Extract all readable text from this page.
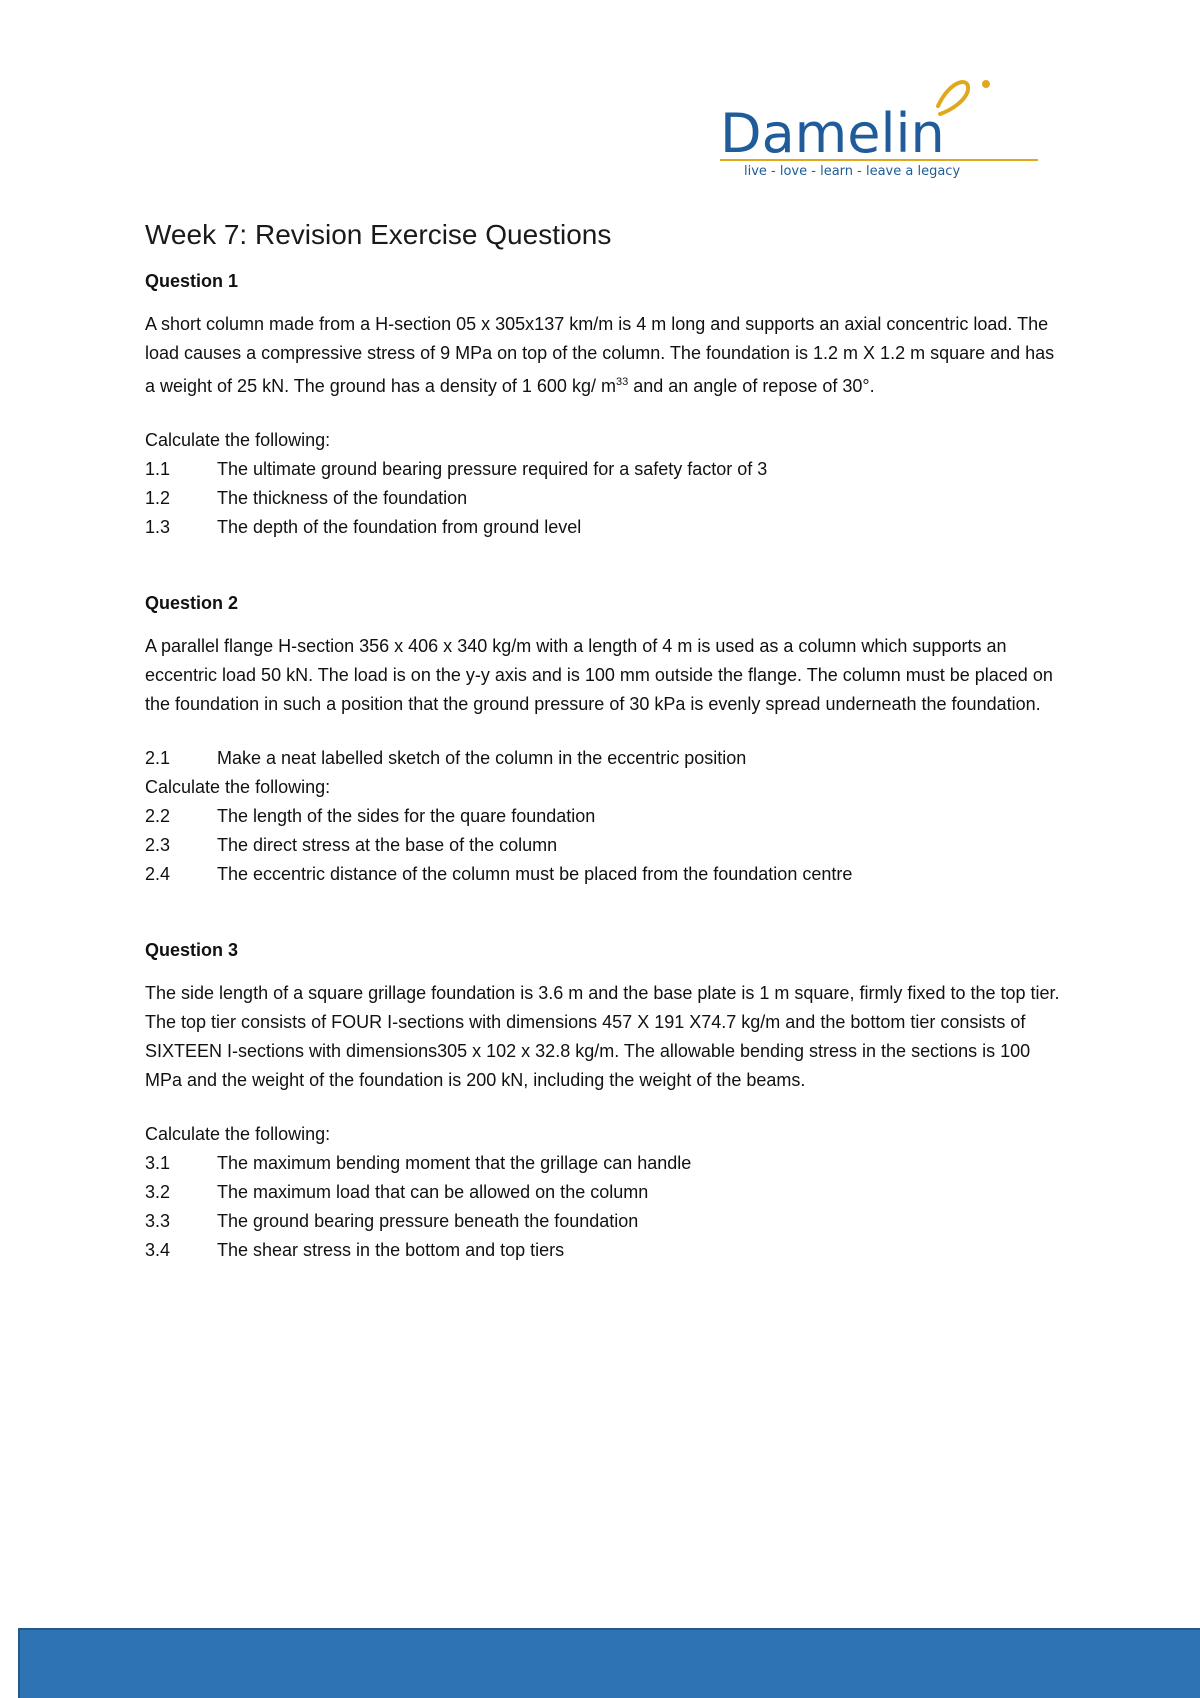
Damelin
live - love - learn - leave a legacy
Week 7: Revision Exercise Questions
Question 1

A short column made from a H-section 05 x 305x137 km/m is 4 m long and supports an axial concentric load. The load causes a compressive stress of 9 MPa on top of the column. The foundation is 1.2 m X 1.2 m square and has a weight of 25 kN. The ground has a density of 1 600 kg/ $m^{33}$ and an angle of repose of 30°.

Calculate the following:

1.1	The ultimate ground bearing pressure required for a safety factor of 3
1.2	The thickness of the foundation
1.3	The depth of the foundation from ground level
Question 2

A parallel flange H-section 356 x 406 x 340 kg/m with a length of 4 m is used as a column which supports an eccentric load 50 kN. The load is on the y-y axis and is 100 mm outside the flange. The column must be placed on the foundation in such a position that the ground pressure of 30 kPa is evenly spread underneath the foundation.

2.1	Make a neat labelled sketch of the column in the eccentric position

Calculate the following:

2.2	The length of the sides for the quare foundation
2.3	The direct stress at the base of the column
2.4	The eccentric distance of the column must be placed from the foundation centre
Question 3

The side length of a square grillage foundation is 3.6 m and the base plate is 1 m square, firmly fixed to the top tier. The top tier consists of FOUR I-sections with dimensions 457 X 191 X74.7 kg/m and the bottom tier consists of SIXTEEN I-sections with dimensions305 x 102 x 32.8 kg/m. The allowable bending stress in the sections is 100 MPa and the weight of the foundation is 200 kN, including the weight of the beams.

Calculate the following:

3.1	The maximum bending moment that the grillage can handle
3.2	The maximum load that can be allowed on the column
3.3	The ground bearing pressure beneath the foundation
3.4	The shear stress in the bottom and top tiers
